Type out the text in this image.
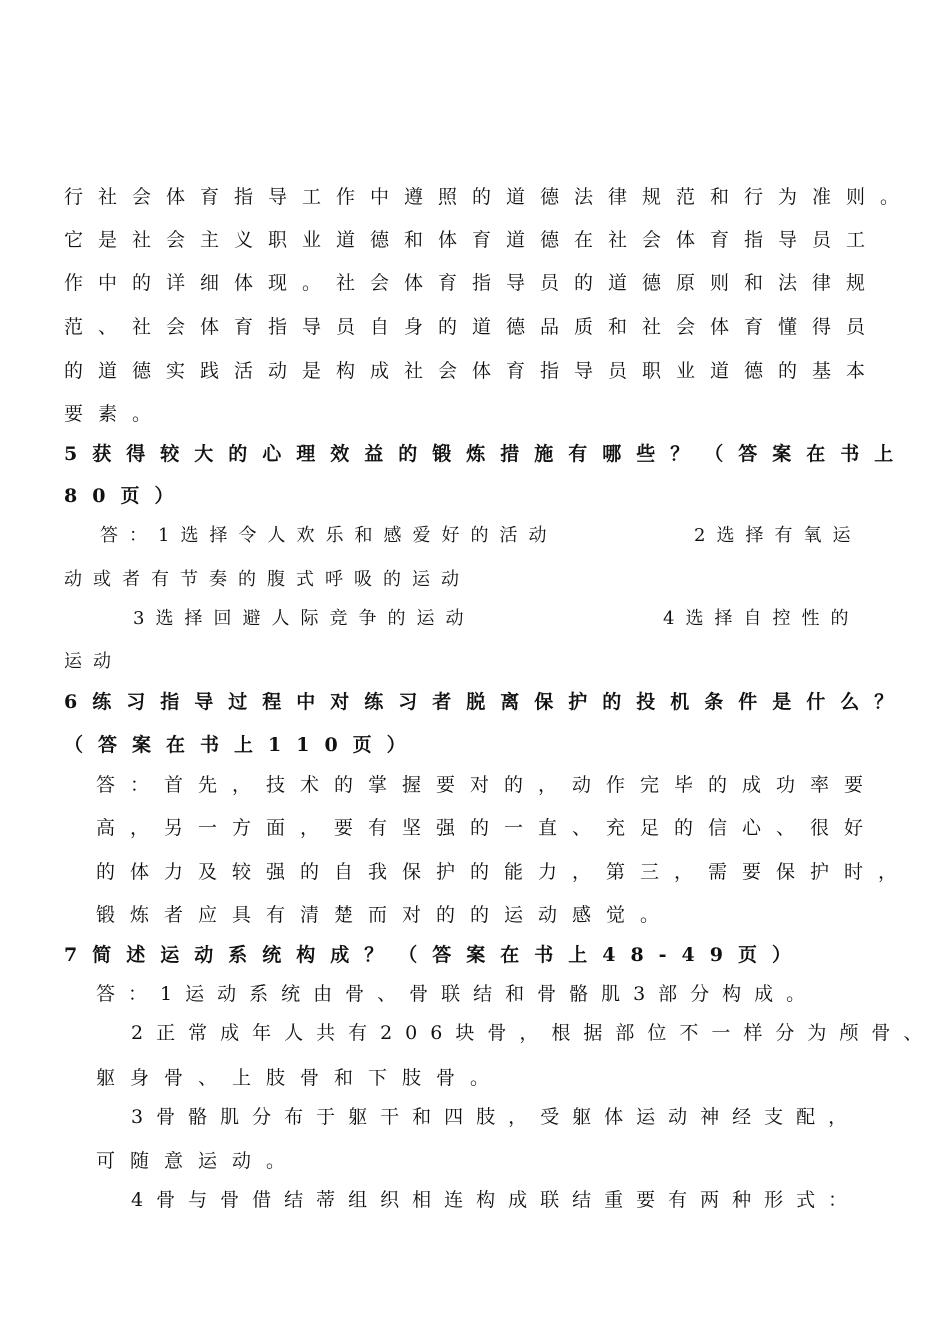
行社会体育指导工作中遵照的道德法律规范和行为准则。
它是社会主义职业道德和体育道德在社会体育指导员工
作中的详细体现。社会体育指导员的道德原则和法律规
范、社会体育指导员自身的道德品质和社会体育懂得员
的道德实践活动是构成社会体育指导员职业道德的基本
要素。
5获得较大的心理效益的锻炼措施有哪些？（答案在书上
80页）
答：1选择令人欢乐和感爱好的活动	2选择有氧运
动或者有节奏的腹式呼吸的运动
3选择回避人际竞争的运动	4选择自控性的
运动
6练习指导过程中对练习者脱离保护的投机条件是什么？
（答案在书上110页）
答：首先，技术的掌握要对的，动作完毕的成功率要
高，另一方面，要有坚强的一直、充足的信心、很好
的体力及较强的自我保护的能力，第三，需要保护时，
锻炼者应具有清楚而对的的运动感觉。
7简述运动系统构成？（答案在书上48-49页）
答：1运动系统由骨、骨联结和骨骼肌3部分构成。
2正常成年人共有206块骨，根据部位不一样分为颅骨、
躯身骨、上肢骨和下肢骨。
3骨骼肌分布于躯干和四肢，受躯体运动神经支配，
可随意运动。
4骨与骨借结蒂组织相连构成联结重要有两种形式：
